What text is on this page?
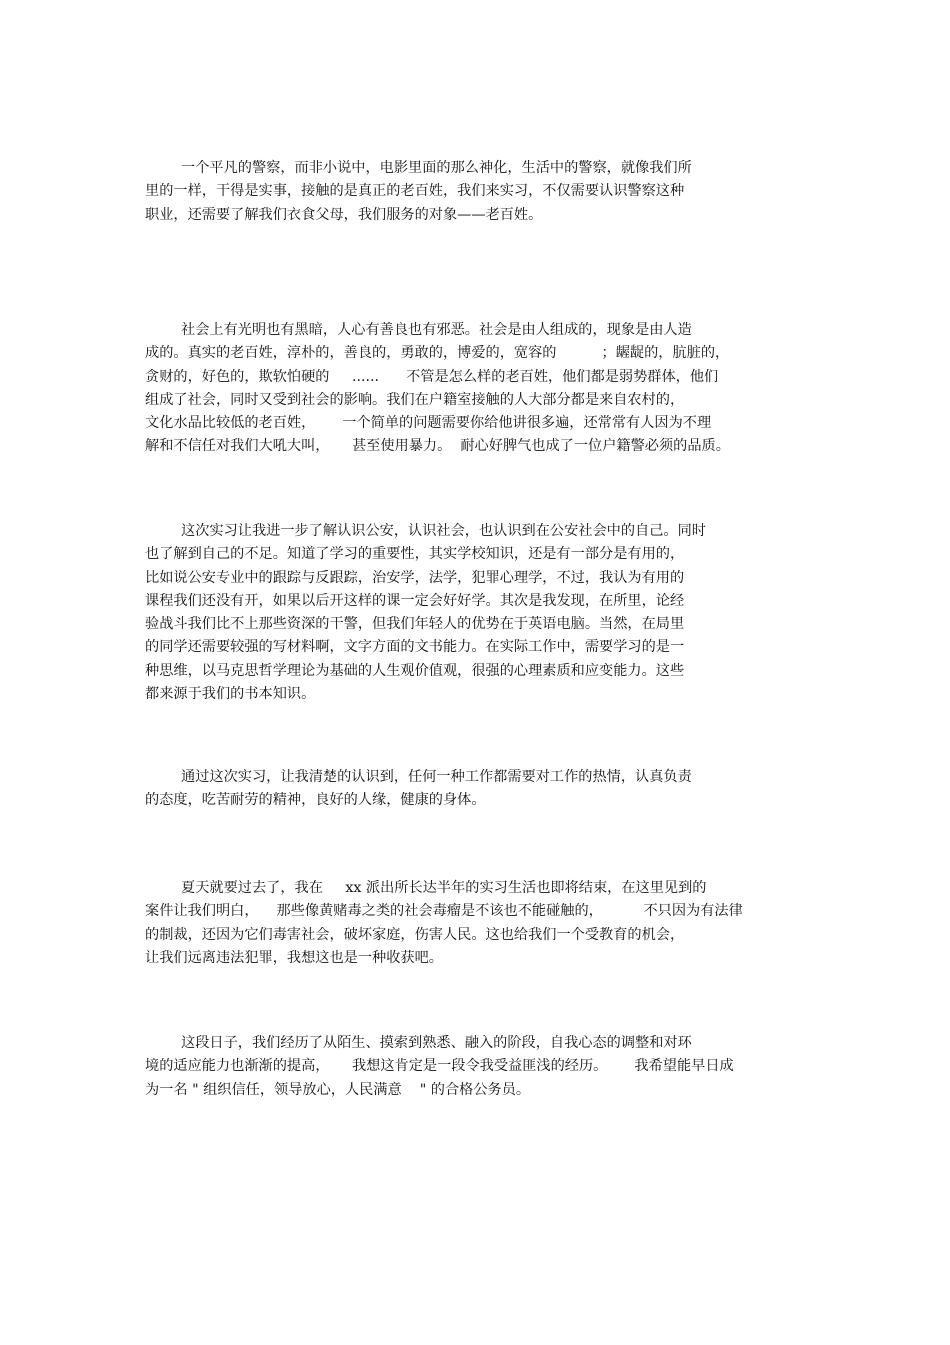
一个平凡的警察，而非小说中，电影里面的那么神化，生活中的警察，就像我们所
里的一样，干得是实事，接触的是真正的老百姓，我们来实习，不仅需要认识警察这种
职业，还需要了解我们衣食父母，我们服务的对象——老百姓。
社会上有光明也有黑暗，人心有善良也有邪恶。社会是由人组成的，现象是由人造
成的。真实的老百姓，淳朴的，善良的，勇敢的，博爱的，宽容的          ；龌龊的，肮脏的，
贪财的，好色的，欺软怕硬的     ......      不管是怎么样的老百姓，他们都是弱势群体，他们
组成了社会，同时又受到社会的影响。我们在户籍室接触的人大部分都是来自农村的，
文化水品比较低的老百姓，      一个简单的问题需要你给他讲很多遍，还常常有人因为不理
解和不信任对我们大吼大叫，     甚至使用暴力。  耐心好脾气也成了一位户籍警必须的品质。
这次实习让我进一步了解认识公安，认识社会，也认识到在公安社会中的自己。同时
也了解到自己的不足。知道了学习的重要性，其实学校知识，还是有一部分是有用的，
比如说公安专业中的跟踪与反跟踪，治安学，法学，犯罪心理学，不过，我认为有用的
课程我们还没有开，如果以后开这样的课一定会好好学。其次是我发现，在所里，论经
验战斗我们比不上那些资深的干警，但我们年轻人的优势在于英语电脑。当然，在局里
的同学还需要较强的写材料啊，文字方面的文书能力。在实际工作中，需要学习的是一
种思维，以马克思哲学理论为基础的人生观价值观，很强的心理素质和应变能力。这些
都来源于我们的书本知识。
通过这次实习，让我清楚的认识到，任何一种工作都需要对工作的热情，认真负责
的态度，吃苦耐劳的精神，良好的人缘，健康的身体。
夏天就要过去了，我在     xx 派出所长达半年的实习生活也即将结束，在这里见到的
案件让我们明白，    那些像黄赌毒之类的社会毒瘤是不该也不能碰触的，         不只因为有法律
的制裁，还因为它们毒害社会，破坏家庭，伤害人民。这也给我们一个受教育的机会，
让我们远离违法犯罪，我想这也是一种收获吧。
这段日子，我们经历了从陌生、摸索到熟悉、融入的阶段，自我心态的调整和对环
境的适应能力也渐渐的提高，     我想这肯定是一段令我受益匪浅的经历。      我希望能早日成
为一名 " 组织信任，领导放心，人民满意    " 的合格公务员。
